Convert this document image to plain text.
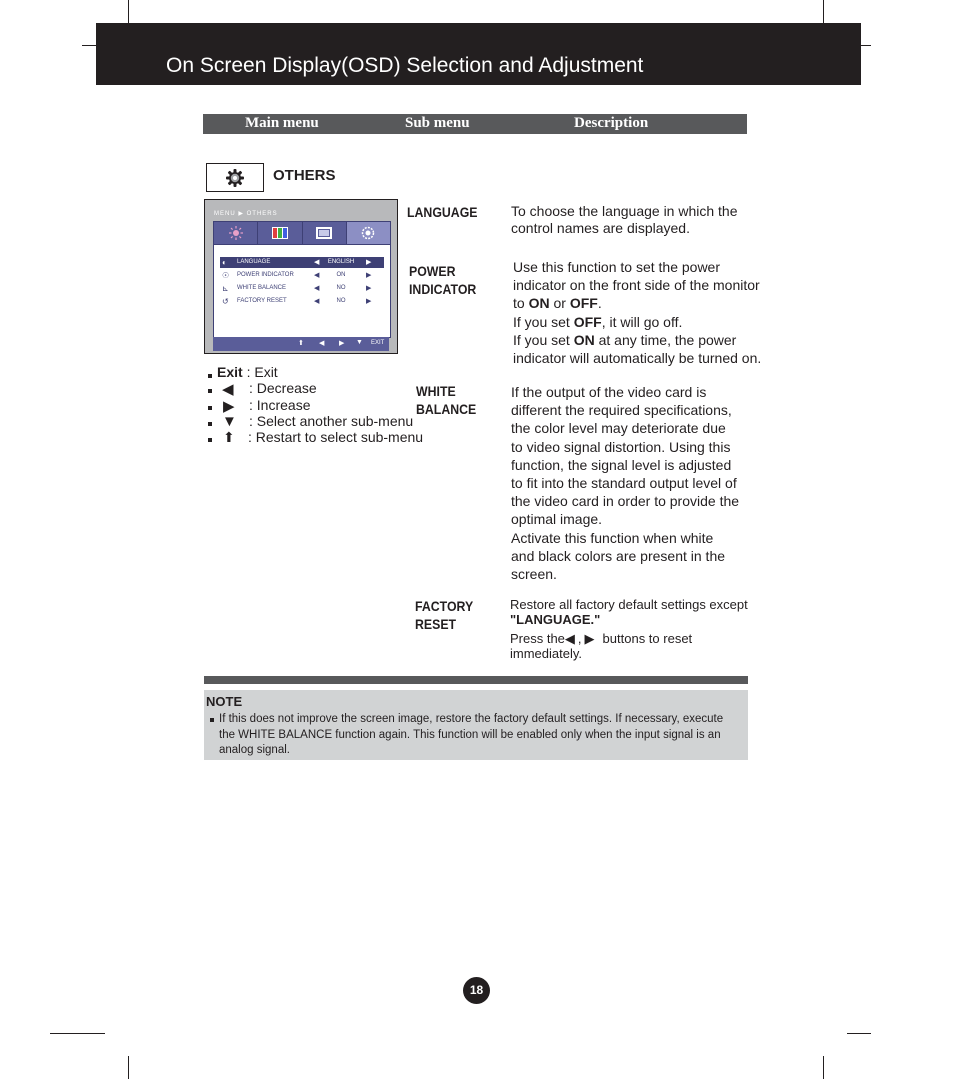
On Screen Display(OSD) Selection and Adjustment
Main menu	Sub menu	Description
OTHERS
MENU ▶ OTHERS
◐ LANGUAGE	◀	ENGLISH	▶
☉ POWER INDICATOR	◀	ON	▶
⊾ WHITE BALANCE	◀	NO	▶
↺ FACTORY RESET	◀	NO	▶
⬆ ◀ ▶ ▼ EXIT
Exit : Exit
◀ : Decrease
▶ : Increase
▼ : Select another sub-menu
⬆ : Restart to select sub-menu
LANGUAGE To choose the language in which the control names are displayed.
POWER
INDICATOR
Use this function to set the power
indicator on the front side of the monitor
to ON or OFF.
If you set OFF, it will go off.
If you set ON at any time, the power
indicator will automatically be turned on.
WHITE
BALANCE
If the output of the video card is
different the required specifications,
the color level may deteriorate due
to video signal distortion. Using this
function, the signal level is adjusted
to fit into the standard output level of
the video card in order to provide the
optimal image.
Activate this function when white
and black colors are present in the
screen.
FACTORY
RESET
Restore all factory default settings except
"LANGUAGE."
Press the◀ , ▶ buttons to reset
immediately.
NOTE
If this does not improve the screen image, restore the factory default settings. If necessary, execute the WHITE BALANCE function again. This function will be enabled only when the input signal is an analog signal.
18
